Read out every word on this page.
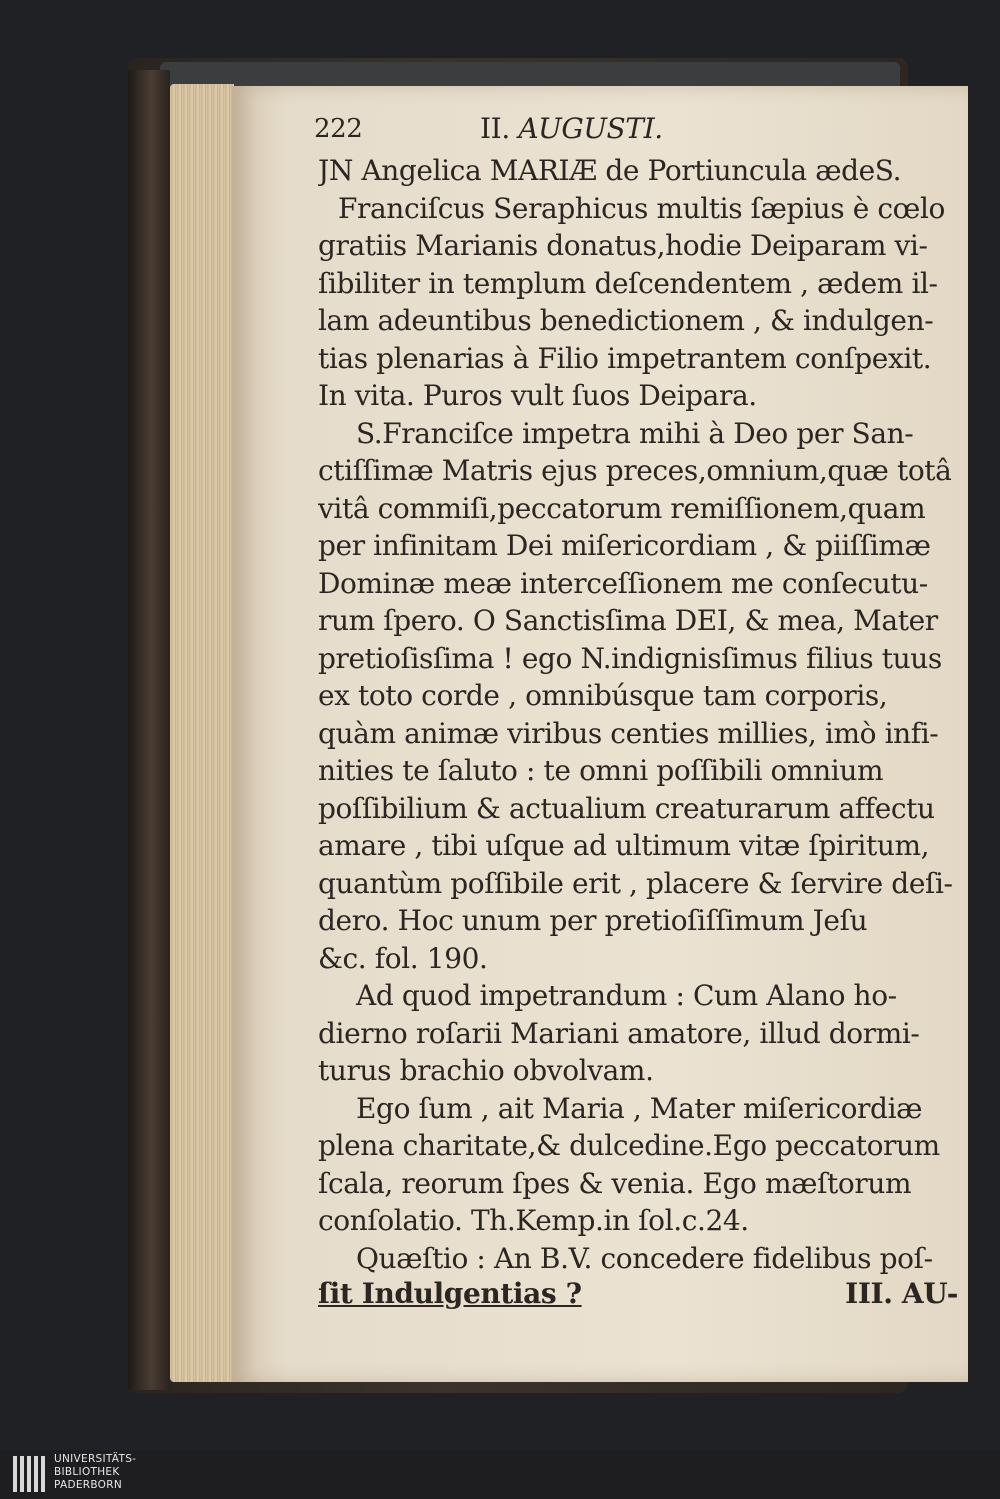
222	II. AUGUSTI.
JN Angelica MARIÆ de Portiuncula ædeS.
Franciſcus Seraphicus multis ſæpius è cœlo
gratiis Marianis donatus,hodie Deiparam vi-
ſibiliter in templum deſcendentem , ædem il-
lam adeuntibus benedictionem , & indulgen-
tias plenarias à Filio impetrantem conſpexit.
In vita. Puros vult ſuos Deipara.
S.Franciſce impetra mihi à Deo per San-
ctiſſimæ Matris ejus preces,omnium,quæ totâ
vitâ commiſi,peccatorum remiſſionem,quam
per infinitam Dei miſericordiam , & piiſſimæ
Dominæ meæ interceſſionem me conſecutu-
rum ſpero. O Sanctisſima DEI, & mea, Mater
pretioſisſima ! ego N.indignisſimus filius tuus
ex toto corde , omnibúsque tam corporis,
quàm animæ viribus centies millies, imò infi-
nities te ſaluto : te omni poſſibili omnium
poſſibilium & actualium creaturarum affectu
amare , tibi uſque ad ultimum vitæ ſpiritum,
quantùm poſſibile erit , placere & ſervire deſi-
dero. Hoc unum per pretioſiſſimum Jeſu
&c. fol. 190.
Ad quod impetrandum : Cum Alano ho-
dierno roſarii Mariani amatore, illud dormi-
turus brachio obvolvam.
Ego ſum , ait Maria , Mater miſericordiæ
plena charitate,& dulcedine.Ego peccatorum
ſcala, reorum ſpes & venia. Ego mæſtorum
conſolatio. Th.Kemp.in ſol.c.24.
Quæſtio : An B.V. concedere fidelibus poſ-
ſit Indulgentias ?	III. AU-
UNIVERSITÄTS-
BIBLIOTHEK
PADERBORN
